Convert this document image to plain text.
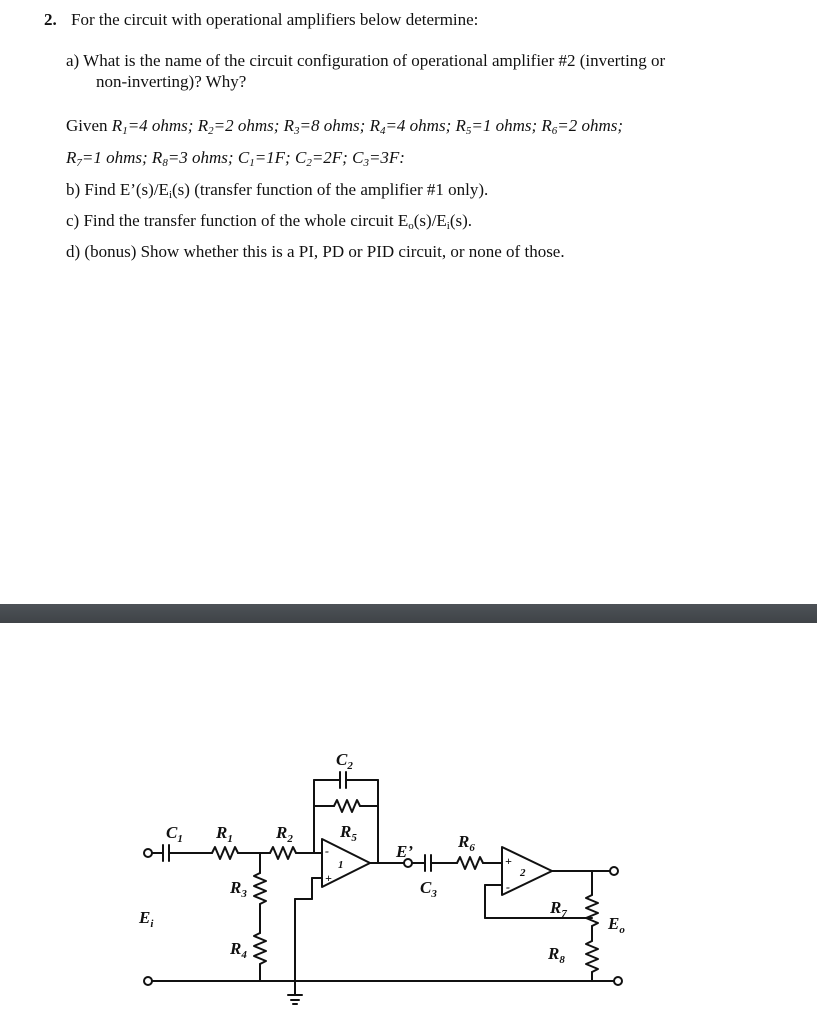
2. For the circuit with operational amplifiers below determine:
a) What is the name of the circuit configuration of operational amplifier #2 (inverting or
non-inverting)? Why?
Given $R_1=4$ ohms; $R_2=2$ ohms; $R_3=8$ ohms; $R_4=4$ ohms; $R_5=1$ ohms; $R_6=2$ ohms;
$R_7=1$ ohms; $R_8=3$ ohms; $C_1=1F$; $C_2=2F$; $C_3=3F$:
b) Find $E’(s)/E_i(s)$ (transfer function of the amplifier #1 only).
c) Find the transfer function of the whole circuit $E_o(s)/E_i(s)$.
d) (bonus) Show whether this is a PI, PD or PID circuit, or none of those.
-
+
1	+
-
2
$C_1$ $R_1$	$R_2$
$C_2$
$R_5$
$R_3$
$R_4$
$E_i$
E’
$C_3$
$R_6$
$R_7$
$R_8$
$E_o$
